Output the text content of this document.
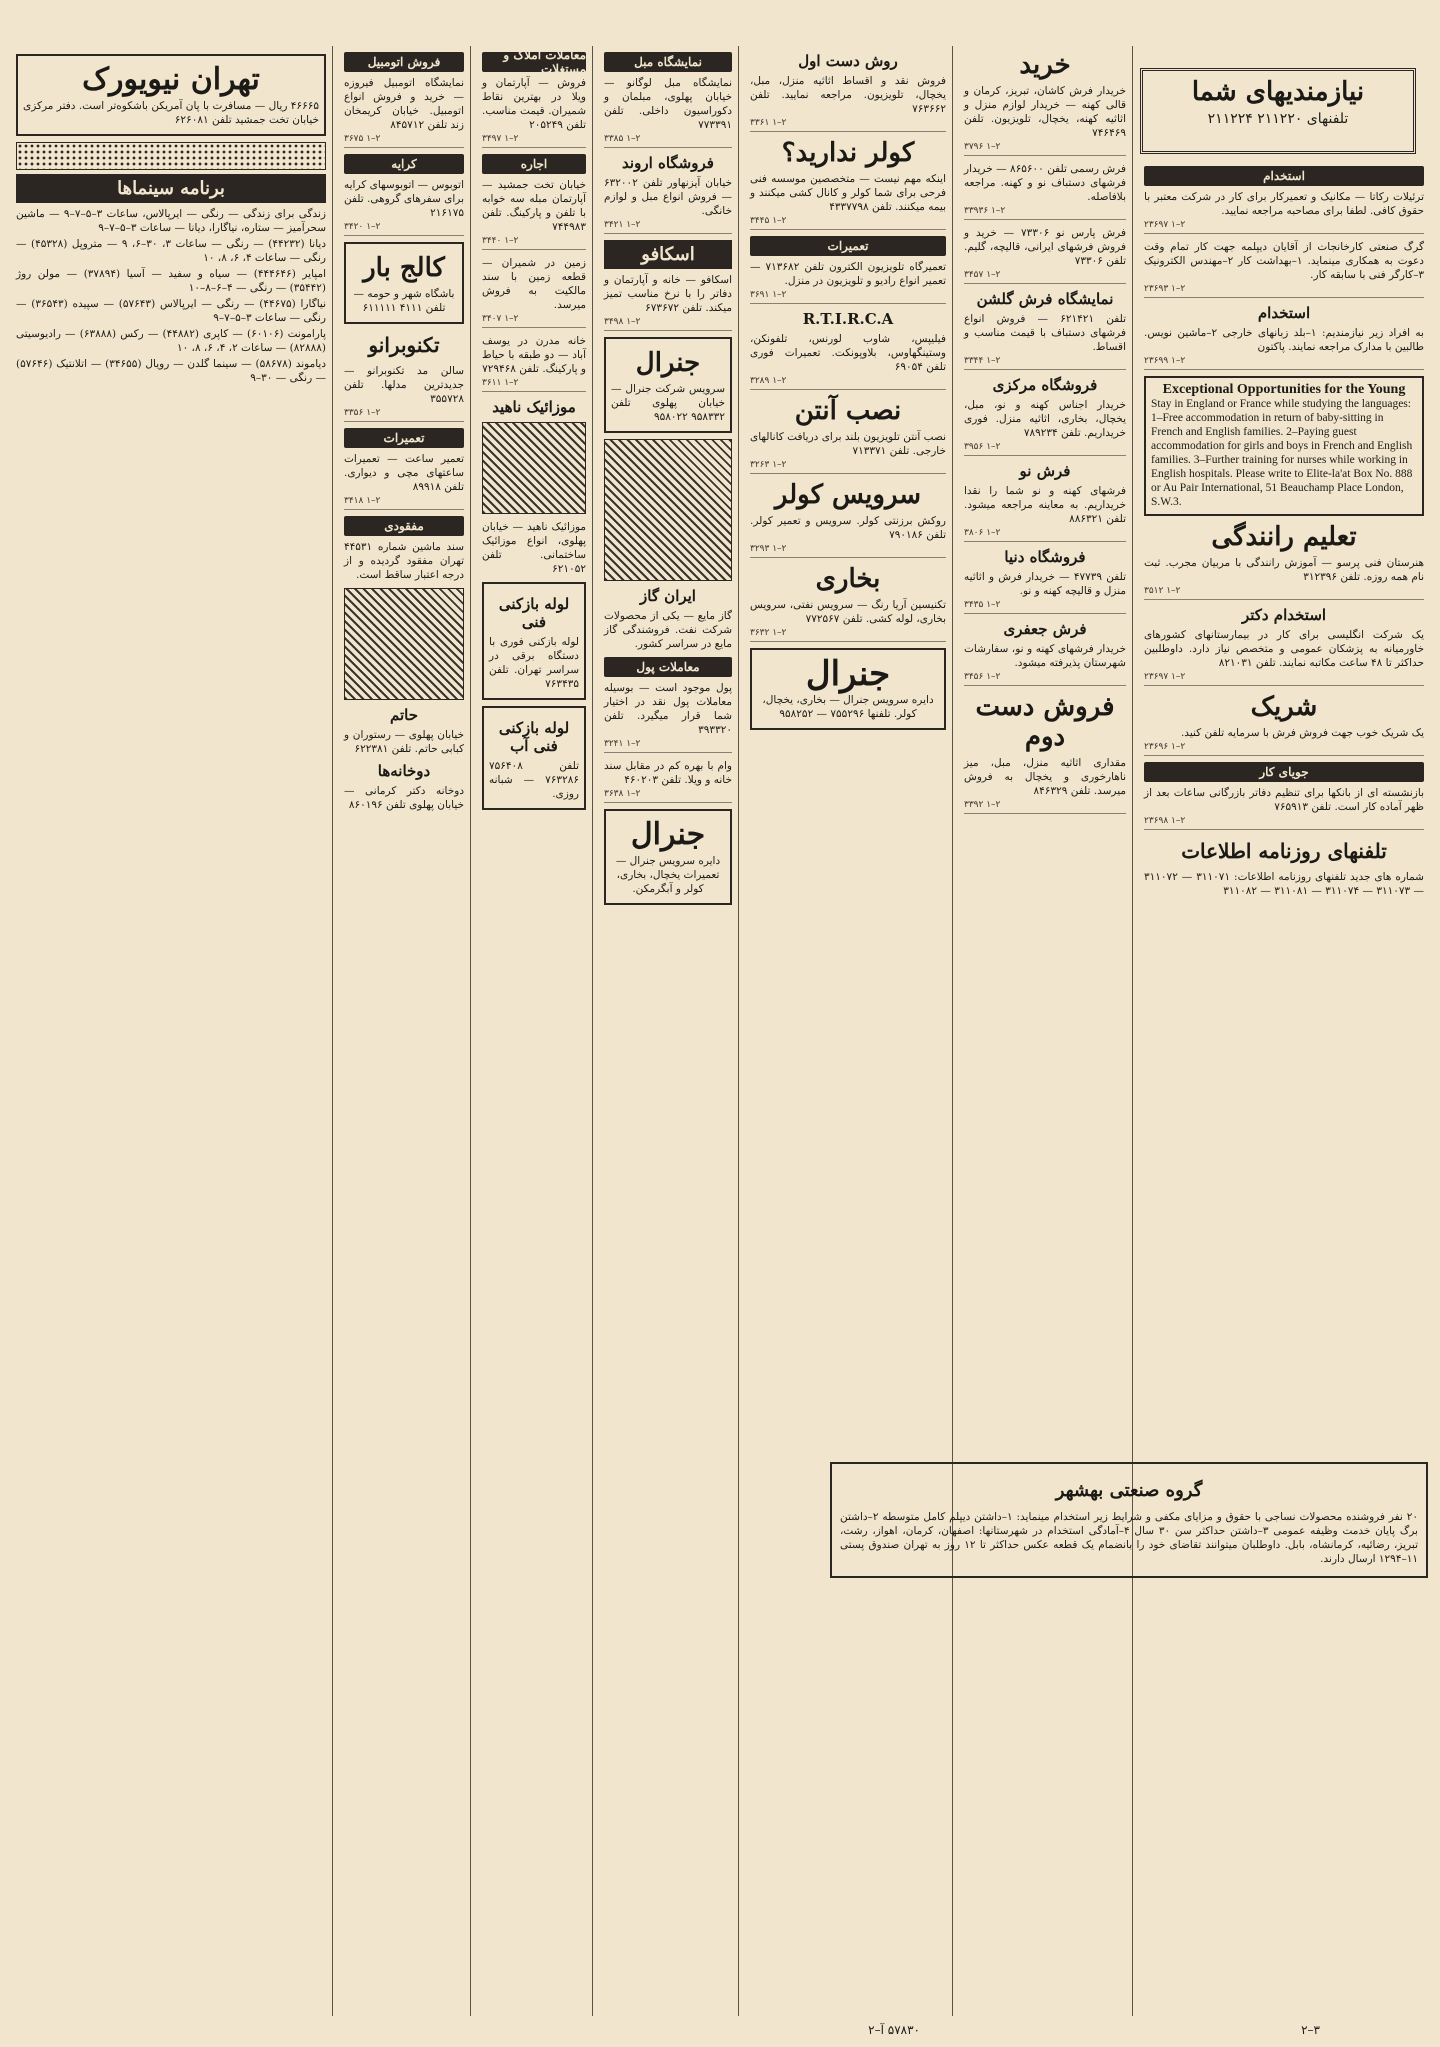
نیازمندیهای شما
تلفنهای ۲۱۱۲۲۰ ۲۱۱۲۲۴
استخدام
ترئیلات رکاتا — مکانیک و تعمیرکار برای کار در شرکت معتبر با حقوق کافی. لطفا برای مصاحبه مراجعه نمایید.
۲۳۶۹۷ ۱–۲
گرگ صنعتی کارخانجات از آقایان دیپلمه جهت کار تمام وقت دعوت به همکاری مینماید. ۱–بهداشت کار ۲–مهندس الکترونیک ۳–کارگر فنی با سابقه کار.
۲۳۶۹۳ ۱–۲
استخدام
به افراد زیر نیازمندیم: ۱–بلد زبانهای خارجی ۲–ماشین نویس. طالبین با مدارک مراجعه نمایند. پاکتون
۲۳۶۹۹ ۱–۲
Exceptional Opportunities for the Young
Stay in England or France while studying the languages: 1–Free accommodation in return of baby-sitting in French and English families. 2–Paying guest accommodation for girls and boys in French and English families. 3–Further training for nurses while working in English hospitals. Please write to Elite-la'at Box No. 888 or Au Pair International, 51 Beauchamp Place London, S.W.3.
تعلیم رانندگی
هنرستان فنی پرسو — آموزش رانندگی با مربیان مجرب. ثبت نام همه روزه. تلفن ۳۱۲۳۹۶
۳۵۱۲ ۱–۲
استخدام دکتر
یک شرکت انگلیسی برای کار در بیمارستانهای کشورهای خاورمیانه به پزشکان عمومی و متخصص نیاز دارد. داوطلبین حداکثر تا ۴۸ ساعت مکاتبه نمایند. تلفن ۸۲۱۰۳۱
۲۳۶۹۷ ۱–۲
شریک
یک شریک خوب جهت فروش فرش با سرمایه تلفن کنید.
۲۳۶۹۶ ۱–۲
جویای کار
بازنشسته ای از بانکها برای تنظیم دفاتر بازرگانی ساعات بعد از ظهر آماده کار است. تلفن ۷۶۵۹۱۳
۲۳۶۹۸ ۱–۲
تلفنهای روزنامه اطلاعات
شماره های جدید تلفنهای روزنامه اطلاعات: ۳۱۱۰۷۱ — ۳۱۱۰۷۲ — ۳۱۱۰۷۳ — ۳۱۱۰۷۴ — ۳۱۱۰۸۱ — ۳۱۱۰۸۲
خرید
خریدار فرش کاشان، تبریز، کرمان و قالی کهنه — خریدار لوازم منزل و اثاثیه کهنه، یخچال، تلویزیون. تلفن ۷۴۶۴۶۹
۳۷۹۶ ۱–۲
فرش رسمی تلفن ۸۶۵۶۰۰ — خریدار فرشهای دستباف نو و کهنه. مراجعه بلافاصله.
۳۳۹۳۶ ۱–۲
فرش پارس نو ۷۳۳۰۶ — خرید و فروش فرشهای ایرانی، قالیچه، گلیم. تلفن ۷۳۳۰۶
۳۴۵۷ ۱–۲
نمایشگاه فرش گلشن
تلفن ۶۲۱۴۲۱ — فروش انواع فرشهای دستباف با قیمت مناسب و اقساط.
۳۳۴۴ ۱–۲
فروشگاه مرکزی
خریدار اجناس کهنه و نو، مبل، یخچال، بخاری، اثاثیه منزل. فوری خریداریم. تلفن ۷۸۹۲۳۴
۳۹۵۶ ۱–۲
فرش نو
فرشهای کهنه و نو شما را نقدا خریداریم. به معاینه مراجعه میشود. تلفن ۸۸۶۳۲۱
۳۸۰۶ ۱–۲
فروشگاه دنیا
تلفن ۴۷۷۳۹ — خریدار فرش و اثاثیه منزل و قالیچه کهنه و نو.
۳۴۳۵ ۱–۲
فرش جعفری
خریدار فرشهای کهنه و نو، سفارشات شهرستان پذیرفته میشود.
۳۴۵۶ ۱–۲
فروش دست دوم
مقداری اثاثیه منزل، مبل، میز ناهارخوری و یخچال به فروش میرسد. تلفن ۸۴۶۳۲۹
۳۳۹۲ ۱–۲
روش دست اول
فروش نقد و اقساط اثاثیه منزل، مبل، یخچال، تلویزیون. مراجعه نمایید. تلفن ۷۶۳۶۶۲
۳۳۶۱ ۱–۲
کولر ندارید؟
اینکه مهم نیست — متخصصین موسسه فنی فرحی برای شما کولر و کانال کشی میکنند و بیمه میکنند. تلفن ۴۳۳۷۷۹۸
۳۴۴۵ ۱–۲
تعمیرات
تعمیرگاه تلویزیون الکترون تلفن ۷۱۳۶۸۲ — تعمیر انواع رادیو و تلویزیون در منزل.
۳۶۹۱ ۱–۲
R.T.I.R.C.A
فیلیپس، شاوب لورنس، تلفونکن، وستینگهاوس، بلاوپونکت. تعمیرات فوری تلفن ۶۹۰۵۴
۳۲۸۹ ۱–۲
نصب آنتن
نصب آنتن تلویزیون بلند برای دریافت کانالهای خارجی. تلفن ۷۱۳۳۷۱
۳۲۶۳ ۱–۲
سرویس کولر
روکش برزنتی کولر. سرویس و تعمیر کولر. تلفن ۷۹۰۱۸۶
۳۲۹۳ ۱–۲
بخاری
تکنیسین آریا رنگ — سرویس نفتی، سرویس بخاری، لوله کشی. تلفن ۷۷۲۵۶۷
۳۶۳۲ ۱–۲
جنرال
دایره سرویس جنرال — بخاری، یخچال، کولر. تلفنها ۷۵۵۲۹۶ — ۹۵۸۲۵۲
نمایشگاه مبل
نمایشگاه مبل لوگانو — خیابان پهلوی، مبلمان و دکوراسیون داخلی. تلفن ۷۷۳۳۹۱
۳۳۸۵ ۱–۲
فروشگاه اروند
خیابان آیزنهاور تلفن ۶۳۲۰۰۲ — فروش انواع مبل و لوازم خانگی.
۳۴۲۱ ۱–۲
اسکافو
اسکافو — خانه و آپارتمان و دفاتر را با نرخ مناسب تمیز میکند. تلفن ۶۷۳۶۷۲
۳۴۹۸ ۱–۲
جنرال
سرویس شرکت جنرال — خیابان پهلوی تلفن ۹۵۸۳۳۲ ۹۵۸۰۲۲
ایران گاز
گاز مایع — یکی از محصولات شرکت نفت. فروشندگی گاز مایع در سراسر کشور.
معاملات پول
پول موجود است — بوسیله معاملات پول نقد در اختیار شما قرار میگیرد. تلفن ۳۹۳۳۲۰
۳۲۴۱ ۱–۲
وام با بهره کم در مقابل سند خانه و ویلا. تلفن ۴۶۰۲۰۳
۳۶۳۸ ۱–۲
جنرال
دایره سرویس جنرال — تعمیرات یخچال، بخاری، کولر و آبگرمکن.
معاملات املاک و مستغلات
فروش — آپارتمان و ویلا در بهترین نقاط شمیران. قیمت مناسب. تلفن ۲۰۵۲۴۹
۳۴۹۷ ۱–۲
اجاره
خیابان تخت جمشید — آپارتمان مبله سه خوابه با تلفن و پارکینگ. تلفن ۷۴۴۹۸۳
۳۴۴۰ ۱–۲
زمین در شمیران — قطعه زمین با سند مالکیت به فروش میرسد.
۳۴۰۷ ۱–۲
خانه مدرن در یوسف آباد — دو طبقه با حیاط و پارکینگ. تلفن ۷۲۹۴۶۸
۳۶۱۱ ۱–۲
موزائیک ناهید
موزائیک ناهید — خیابان پهلوی، انواع موزائیک ساختمانی. تلفن ۶۲۱۰۵۲
لوله بازکنی فنی
لوله بازکنی فوری با دستگاه برقی در سراسر تهران. تلفن ۷۶۳۴۳۵
لوله بازکنی فنی آب
تلفن ۷۵۶۴۰۸ ۷۶۳۲۸۶ — شبانه روزی.
فروش اتومبیل
نمایشگاه اتومبیل فیروزه — خرید و فروش انواع اتومبیل. خیابان کریمخان زند تلفن ۸۴۵۷۱۲
۳۶۷۵ ۱–۲
کرایه
اتوبوس — اتوبوسهای کرایه برای سفرهای گروهی. تلفن ۲۱۶۱۷۵
۳۴۲۰ ۱–۲
کالج بار
باشگاه شهر و حومه — تلفن ۴۱۱۱ ۶۱۱۱۱۱
تکنوبرانو
سالن مد تکنوبرانو — جدیدترین مدلها. تلفن ۳۵۵۷۲۸
۳۳۵۶ ۱–۲
تعمیرات
تعمیر ساعت — تعمیرات ساعتهای مچی و دیواری. تلفن ۸۹۹۱۸
۳۴۱۸ ۱–۲
مفقودی
سند ماشین شماره ۴۴۵۳۱ تهران مفقود گردیده و از درجه اعتبار ساقط است.
حاتم
خیابان پهلوی — رستوران و کبابی حاتم. تلفن ۶۲۲۳۸۱
دوخانه‌ها
دوخانه دکتر کرمانی — خیابان پهلوی تلفن ۸۶۰۱۹۶
تهران نیویورک
۴۶۶۶۵ ریال — مسافرت با پان آمریکن باشکوه‌تر است. دفتر مرکزی خیابان تخت جمشید تلفن ۶۲۶۰۸۱
برنامه سینماها
زندگی برای زندگی — رنگی — ایرپالاس، ساعات ۳–۵–۷–۹ — ماشین سحرآمیز — ستاره، نیاگارا، دیانا — ساعات ۳–۵–۷–۹
دیانا (۴۴۲۳۲) — رنگی — ساعات ۳، ۳۰–۶، ۹ — متروپل (۴۵۳۲۸) — رنگی — ساعات ۴، ۶، ۸، ۱۰
امپایر (۴۴۴۶۴۶) — سیاه و سفید — آسیا (۳۷۸۹۴) — مولن روژ (۳۵۴۴۲) — رنگی — ۴–۶–۸–۱۰
نیاگارا (۴۴۶۷۵) — رنگی — ایرپالاس (۵۷۶۴۳) — سپیده (۳۶۵۴۳) — رنگی — ساعات ۳–۵–۷–۹
پارامونت (۶۰۱۰۶) — کاپری (۴۴۸۸۲) — رکس (۶۳۸۸۸) — رادیوسیتی (۸۲۸۸۸) — ساعات ۲، ۴، ۶، ۸، ۱۰
دیاموند (۵۸۶۷۸) — سینما گلدن — رویال (۳۴۶۵۵) — اتلانتیک (۵۷۶۴۶) — رنگی — ۳۰–۹
گروه صنعتی بهشهر
۲۰ نفر فروشنده محصولات نساجی با حقوق و مزایای مکفی و شرایط زیر استخدام مینماید: ۱–داشتن دیپلم کامل متوسطه ۲–داشتن برگ پایان خدمت وظیفه عمومی ۳–داشتن حداکثر سن ۳۰ سال ۴–آمادگی استخدام در شهرستانها: اصفهان، کرمان، اهواز، رشت، تبریز، رضائیه، کرمانشاه، بابل. داوطلبان میتوانند تقاضای خود را بانضمام یک قطعه عکس حداکثر تا ۱۲ روز به تهران صندوق پستی ۱۱–۱۲۹۴ ارسال دارند.
۳–۲
۵۷۸۳۰ آ–۲
